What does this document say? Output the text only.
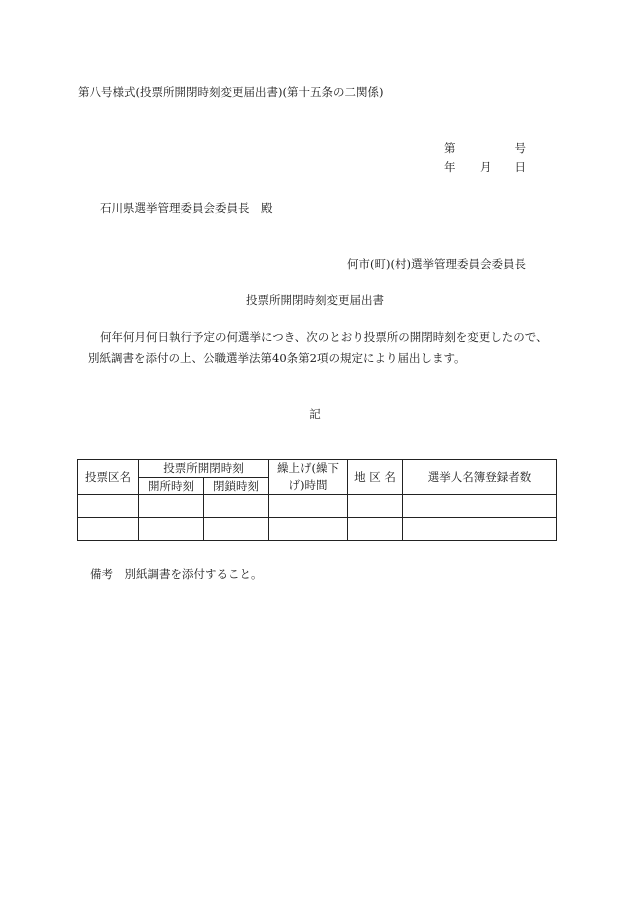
第八号様式(投票所開閉時刻変更届出書)(第十五条の二関係)
第	号
年 月 日
石川県選挙管理委員会委員長　殿
何市(町)(村)選挙管理委員会委員長
投票所開閉時刻変更届出書
何年何月何日執行予定の何選挙につき、次のとおり投票所の開閉時刻を変更したので、
別紙調書を添付の上、公職選挙法第40条第2項の規定により届出します。
記
投票区名	投票所開閉時刻		繰上げ(繰下げ)時間	地 区 名	選挙人名簿登録者数
	開所時刻	閉鎖時刻			

備考　別紙調書を添付すること。
